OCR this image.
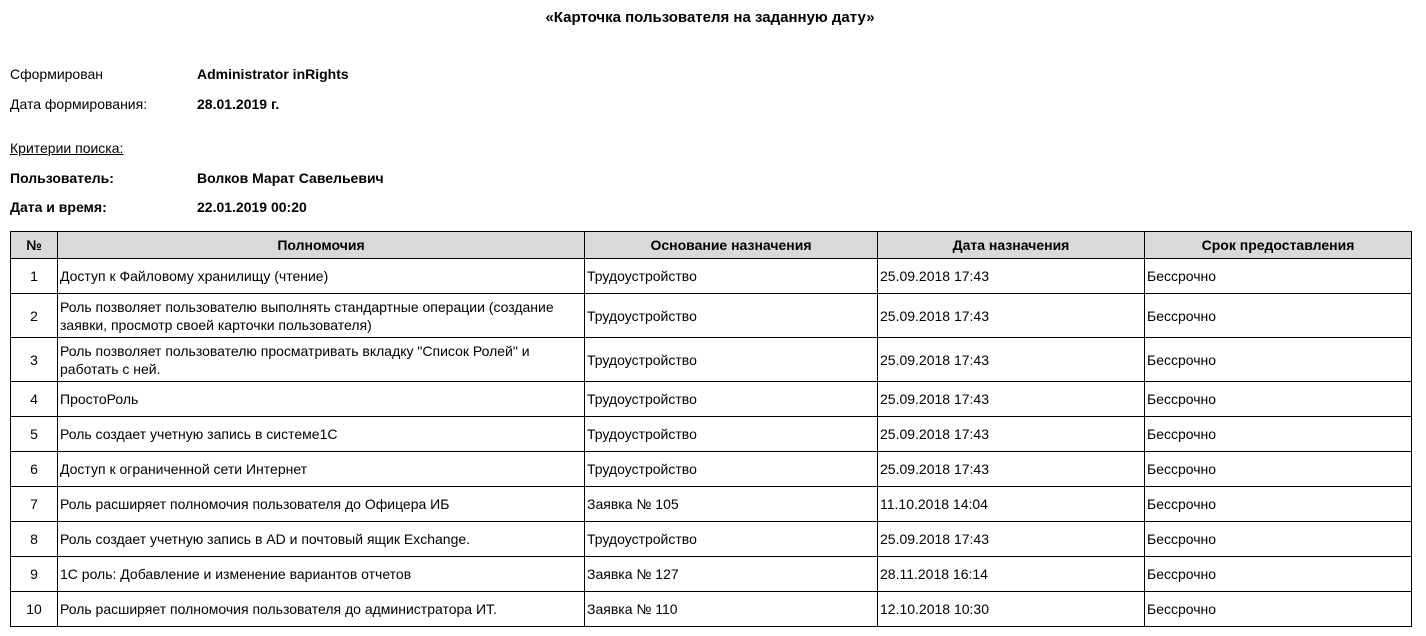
«Карточка пользователя на заданную дату»
Сформирован	Administrator inRights
Дата формирования:	28.01.2019 г.
Критерии поиска:
Пользователь:	Волков Марат Савельевич
Дата и время:	22.01.2019 00:20
№	Полномочия	Основание назначения	Дата назначения	Срок предоставления
1	Доступ к Файловому хранилищу (чтение)	Трудоустройство	25.09.2018 17:43	Бессрочно
2	Роль позволяет пользователю выполнять стандартные операции (создание заявки, просмотр своей карточки пользователя)	Трудоустройство	25.09.2018 17:43	Бессрочно
3	Роль позволяет пользователю просматривать вкладку "Список Ролей" и работать с ней.	Трудоустройство	25.09.2018 17:43	Бессрочно
4	ПростоРоль	Трудоустройство	25.09.2018 17:43	Бессрочно
5	Роль создает учетную запись в системе1С	Трудоустройство	25.09.2018 17:43	Бессрочно
6	Доступ к ограниченной сети Интернет	Трудоустройство	25.09.2018 17:43	Бессрочно
7	Роль расширяет полномочия пользователя до Офицера ИБ	Заявка № 105	11.10.2018 14:04	Бессрочно
8	Роль создает учетную запись в AD и почтовый ящик Exchange.	Трудоустройство	25.09.2018 17:43	Бессрочно
9	1С роль: Добавление и изменение вариантов отчетов	Заявка № 127	28.11.2018 16:14	Бессрочно
10	Роль расширяет полномочия пользователя до администратора ИТ.	Заявка № 110	12.10.2018 10:30	Бессрочно
